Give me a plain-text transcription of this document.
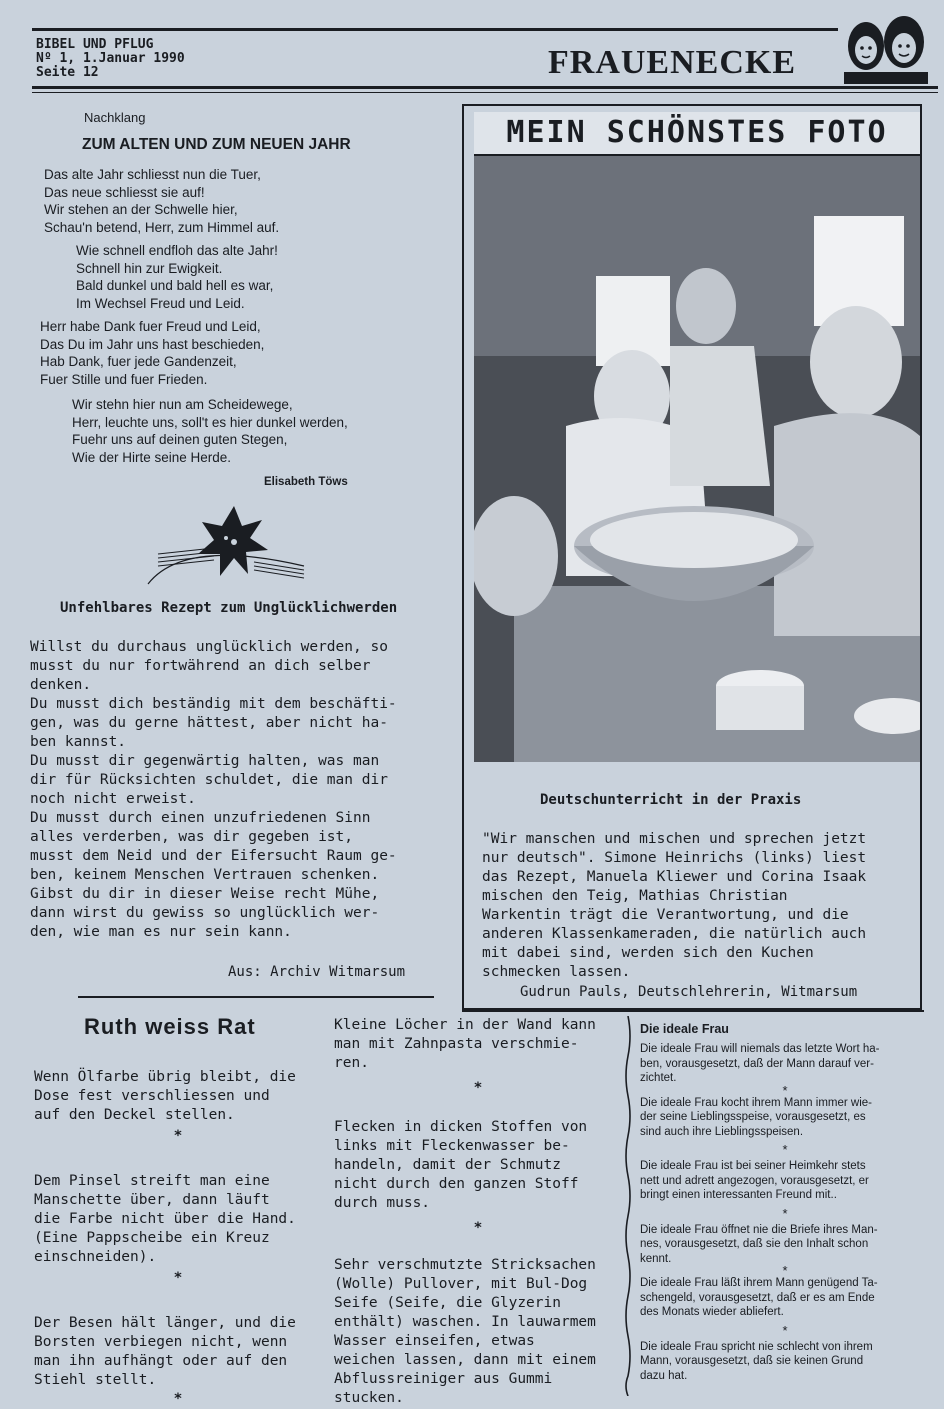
BIBEL UND PFLUG
Nº 1, 1.Januar 1990
Seite 12	FRAUENECKE
Nachklang
ZUM ALTEN UND ZUM NEUEN JAHR

Das alte Jahr schliesst nun die Tuer,

Das neue schliesst sie auf!

Wir stehen an der Schwelle hier,

Schau'n betend, Herr, zum Himmel auf.

Wie schnell endfloh das alte Jahr!

Schnell hin zur Ewigkeit.

Bald dunkel und bald hell es war,

Im Wechsel Freud und Leid.

Herr habe Dank fuer Freud und Leid,

Das Du im Jahr uns hast beschieden,

Hab Dank, fuer jede Gandenzeit,

Fuer Stille und fuer Frieden.

Wir stehn hier nun am Scheidewege,

Herr, leuchte uns, soll't es hier dunkel werden,

Fuehr uns auf deinen guten Stegen,

Wie der Hirte seine Herde.

Elisabeth Töws
Unfehlbares Rezept zum Unglücklichwerden

Willst du durchaus unglücklich werden, so

musst du nur fortwährend an dich selber

denken.

Du musst dich beständig mit dem beschäfti-

gen, was du gerne hättest, aber nicht ha-

ben kannst.

Du musst dir gegenwärtig halten, was man

dir für Rücksichten schuldet, die man dir

noch nicht erweist.

Du musst durch einen unzufriedenen Sinn

alles verderben, was dir gegeben ist,

musst dem Neid und der Eifersucht Raum ge-

ben, keinem Menschen Vertrauen schenken.

Gibst du dir in dieser Weise recht Mühe,

dann wirst du gewiss so unglücklich wer-

den, wie man es nur sein kann.

Aus: Archiv Witmarsum
MEIN SCHÖNSTES FOTO
Deutschunterricht in der Praxis

"Wir manschen und mischen und sprechen jetzt

nur deutsch". Simone Heinrichs (links) liest

das Rezept, Manuela Kliewer und Corina Isaak

mischen den Teig, Mathias Christian

Warkentin trägt die Verantwortung, und die

anderen Klassenkameraden, die natürlich auch

mit dabei sind, werden sich den Kuchen

schmecken lassen.

Gudrun Pauls, Deutschlehrerin, Witmarsum
Ruth weiss Rat

Wenn Ölfarbe übrig bleibt, die

Dose fest verschliessen und

auf den Deckel stellen.

*

Dem Pinsel streift man eine

Manschette über, dann läuft

die Farbe nicht über die Hand.

(Eine Pappscheibe ein Kreuz

einschneiden).

*

Der Besen hält länger, und die

Borsten verbiegen nicht, wenn

man ihn aufhängt oder auf den

Stiehl stellt.

*

Kleine Löcher in der Wand kann

man mit Zahnpasta verschmie-

ren.

*

Flecken in dicken Stoffen von

links mit Fleckenwasser be-

handeln, damit der Schmutz

nicht durch den ganzen Stoff

durch muss.

*

Sehr verschmutzte Stricksachen

(Wolle) Pullover, mit Bul-Dog

Seife (Seife, die Glyzerin

enthält) waschen. In lauwarmem

Wasser einseifen, etwas

weichen lassen, dann mit einem

Abflussreiniger aus Gummi

stucken.

Die ideale Frau

Die ideale Frau will niemals das letzte Wort ha-

ben, vorausgesetzt, daß der Mann darauf ver-

zichtet.

*

Die ideale Frau kocht ihrem Mann immer wie-

der seine Lieblingsspeise, vorausgesetzt, es

sind auch ihre Lieblingsspeisen.

*

Die ideale Frau ist bei seiner Heimkehr stets

nett und adrett angezogen, vorausgesetzt, er

bringt einen interessanten Freund mit..

*

Die ideale Frau öffnet nie die Briefe ihres Man-

nes, vorausgesetzt, daß sie den Inhalt schon

kennt.

*

Die ideale Frau läßt ihrem Mann genügend Ta-

schengeld, vorausgesetzt, daß er es am Ende

des Monats wieder abliefert.

*

Die ideale Frau spricht nie schlecht von ihrem

Mann, vorausgesetzt, daß sie keinen Grund

dazu hat.
